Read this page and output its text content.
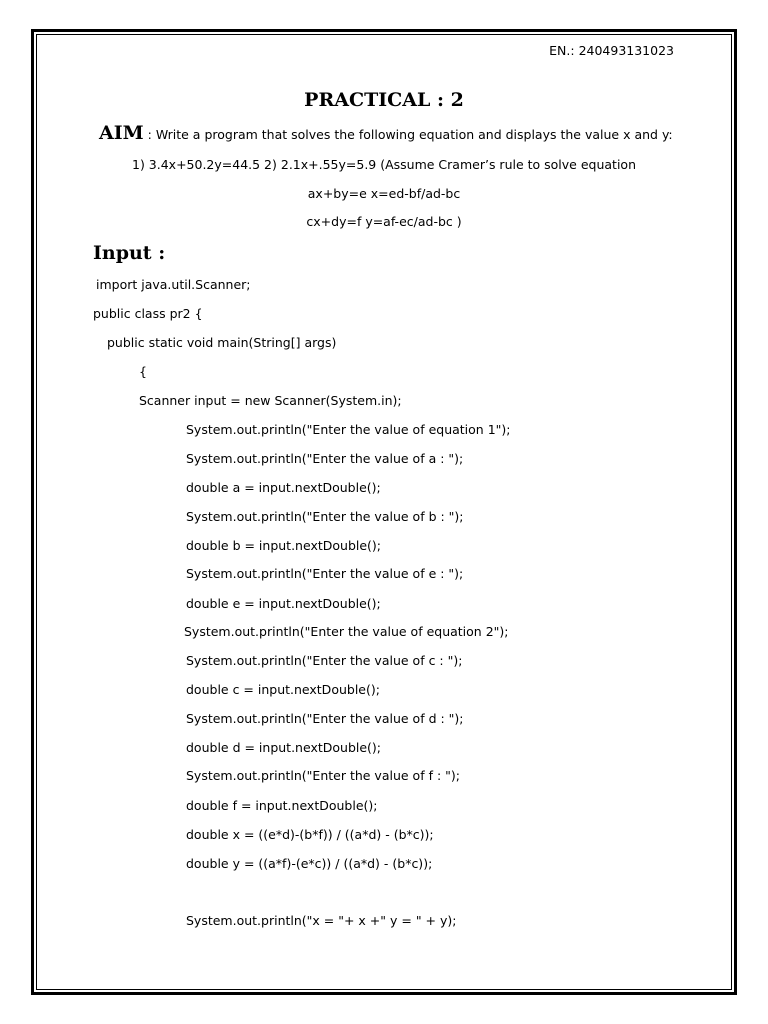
EN.: 240493131023
PRACTICAL : 2
AIM : Write a program that solves the following equation and displays the value x and y:
1) 3.4x+50.2y=44.5 2) 2.1x+.55y=5.9 (Assume Cramer’s rule to solve equation
ax+by=e x=ed-bf/ad-bc
cx+dy=f y=af-ec/ad-bc )
Input :
import java.util.Scanner;
public class pr2 {
public static void main(String[] args)
{
Scanner input = new Scanner(System.in);
System.out.println("Enter the value of equation 1");
System.out.println("Enter the value of a : ");
double a = input.nextDouble();
System.out.println("Enter the value of b : ");
double b = input.nextDouble();
System.out.println("Enter the value of e : ");
double e = input.nextDouble();
System.out.println("Enter the value of equation 2");
System.out.println("Enter the value of c : ");
double c = input.nextDouble();
System.out.println("Enter the value of d : ");
double d = input.nextDouble();
System.out.println("Enter the value of f : ");
double f = input.nextDouble();
double x = ((e*d)-(b*f)) / ((a*d) - (b*c));
double y = ((a*f)-(e*c)) / ((a*d) - (b*c));
System.out.println("x = "+ x +" y = " + y);
